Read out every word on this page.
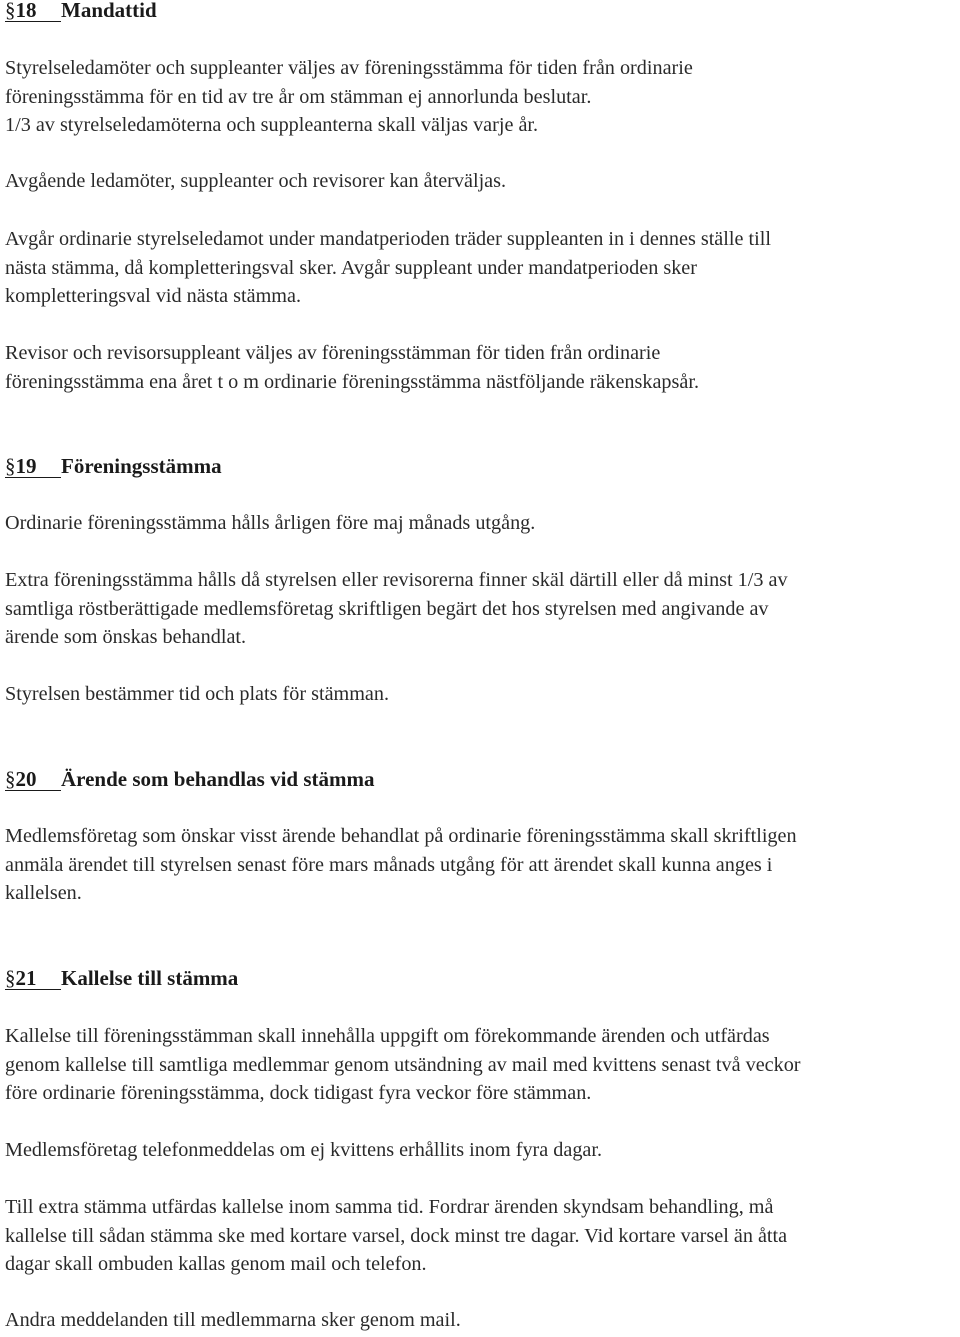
§18	Mandattid
Styrelseledamöter och suppleanter väljes av föreningsstämma för tiden från ordinarie
föreningsstämma för en tid av tre år om stämman ej annorlunda beslutar.
1/3 av styrelseledamöterna och suppleanterna skall väljas varje år.
Avgående ledamöter, suppleanter och revisorer kan återväljas.
Avgår ordinarie styrelseledamot under mandatperioden träder suppleanten in i dennes ställe till
nästa stämma, då kompletteringsval sker. Avgår suppleant under mandatperioden sker
kompletteringsval vid nästa stämma.
Revisor och revisorsuppleant väljes av föreningsstämman för tiden från ordinarie
föreningsstämma ena året t o m ordinarie föreningsstämma nästföljande räkenskapsår.
§19	Föreningsstämma
Ordinarie föreningsstämma hålls årligen före maj månads utgång.
Extra föreningsstämma hålls då styrelsen eller revisorerna finner skäl därtill eller då minst 1/3 av
samtliga röstberättigade medlemsföretag skriftligen begärt det hos styrelsen med angivande av
ärende som önskas behandlat.
Styrelsen bestämmer tid och plats för stämman.
§20	Ärende som behandlas vid stämma
Medlemsföretag som önskar visst ärende behandlat på ordinarie föreningsstämma skall skriftligen
anmäla ärendet till styrelsen senast före mars månads utgång för att ärendet skall kunna anges i
kallelsen.
§21	Kallelse till stämma
Kallelse till föreningsstämman skall innehålla uppgift om förekommande ärenden och utfärdas
genom kallelse till samtliga medlemmar genom utsändning av mail med kvittens senast två veckor
före ordinarie föreningsstämma, dock tidigast fyra veckor före stämman.
Medlemsföretag telefonmeddelas om ej kvittens erhållits inom fyra dagar.
Till extra stämma utfärdas kallelse inom samma tid. Fordrar ärenden skyndsam behandling, må
kallelse till sådan stämma ske med kortare varsel, dock minst tre dagar. Vid kortare varsel än åtta
dagar skall ombuden kallas genom mail och telefon.
Andra meddelanden till medlemmarna sker genom mail.
